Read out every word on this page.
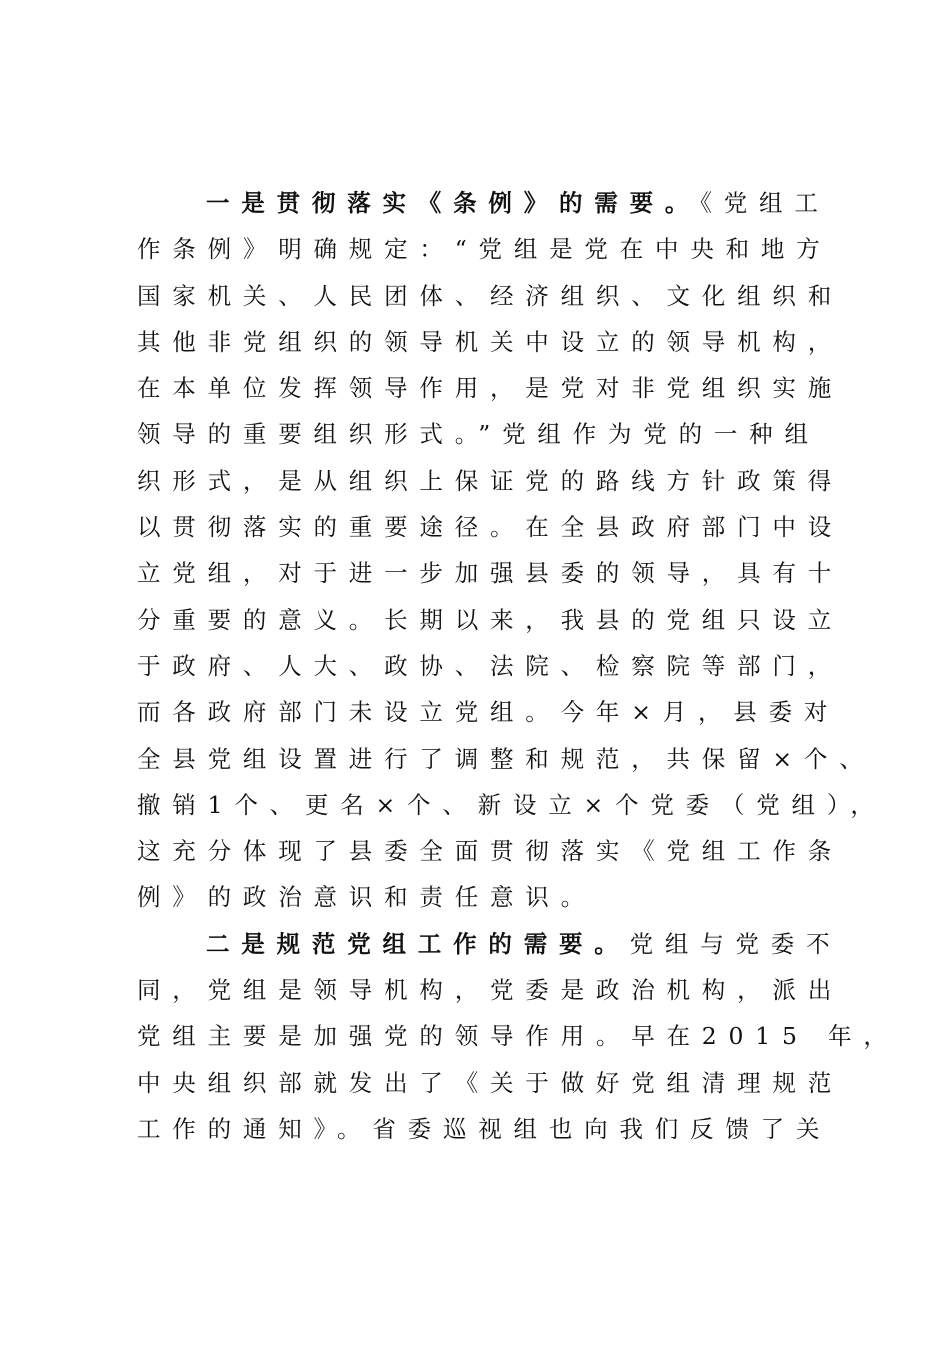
一是贯彻落实《条例》的需要。《党组工
作条例》明确规定：“党组是党在中央和地方
国家机关、人民团体、经济组织、文化组织和
其他非党组织的领导机关中设立的领导机构，
在本单位发挥领导作用，是党对非党组织实施
领导的重要组织形式。”党组作为党的一种组
织形式，是从组织上保证党的路线方针政策得
以贯彻落实的重要途径。在全县政府部门中设
立党组，对于进一步加强县委的领导，具有十
分重要的意义。长期以来，我县的党组只设立
于政府、人大、政协、法院、检察院等部门，
而各政府部门未设立党组。今年×月，县委对
全县党组设置进行了调整和规范，共保留×个、
撤销1个、更名×个、新设立×个党委（党组），
这充分体现了县委全面贯彻落实《党组工作条
例》的政治意识和责任意识。
二是规范党组工作的需要。党组与党委不
同，党组是领导机构，党委是政治机构，派出
党组主要是加强党的领导作用。早在2015 年，
中央组织部就发出了《关于做好党组清理规范
工作的通知》。省委巡视组也向我们反馈了关
